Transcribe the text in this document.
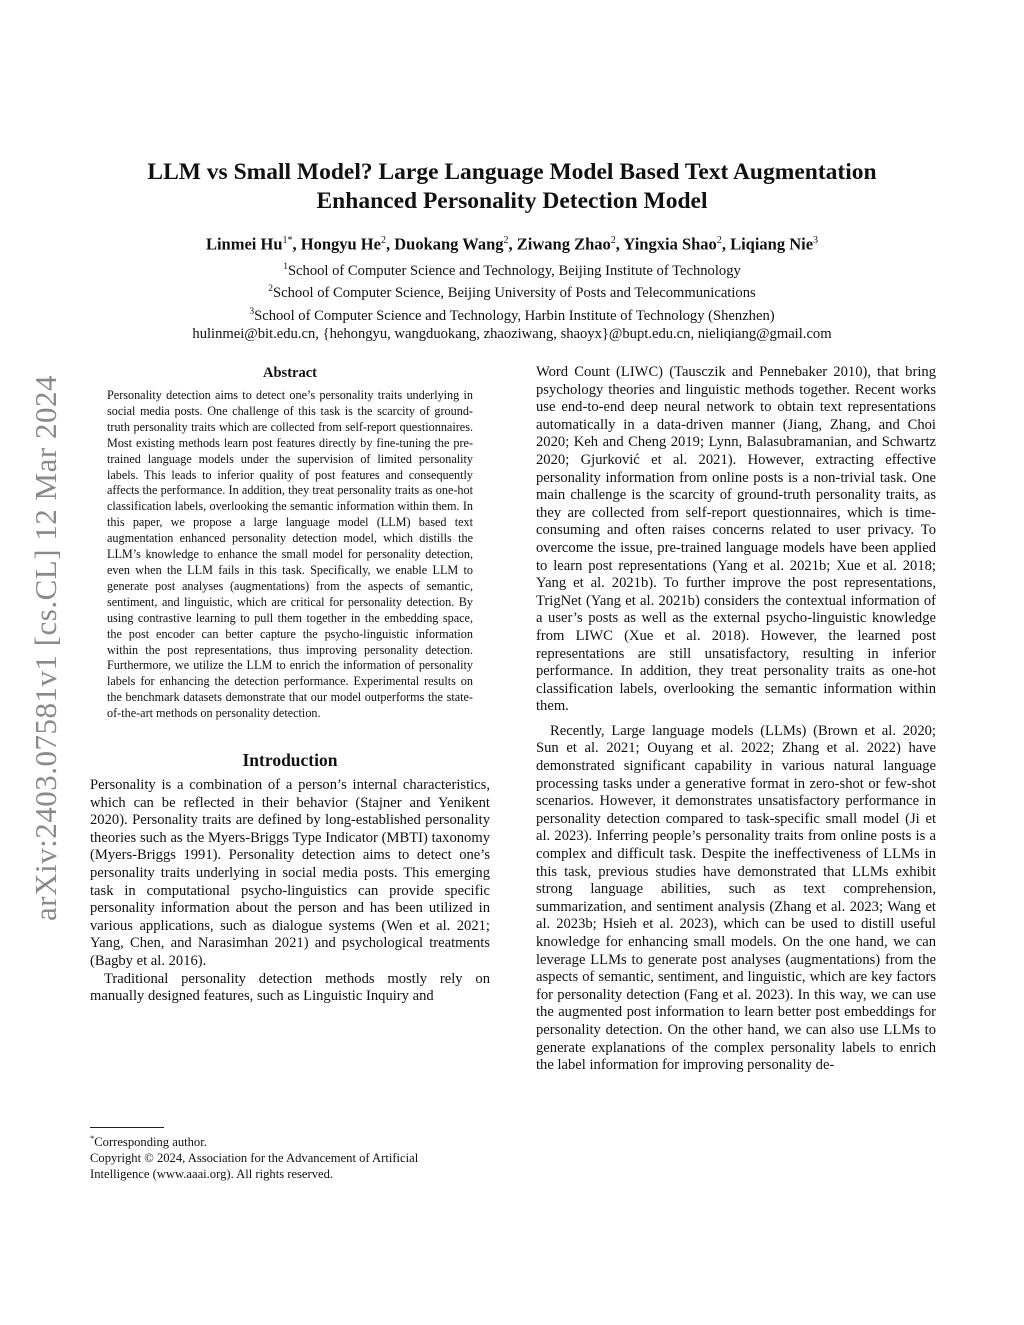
arXiv:2403.07581v1 [cs.CL] 12 Mar 2024
LLM vs Small Model? Large Language Model Based Text Augmentation
Enhanced Personality Detection Model
Linmei $Hu^{1*}$, Hongyu He$^2$, Duokang Wang$^2$, Ziwang Zhao$^2$, Yingxia Shao$^2$, Liqiang Nie$^3$
$^1$School of Computer Science and Technology, Beijing Institute of Technology
$^2$School of Computer Science, Beijing University of Posts and Telecommunications
$^3$School of Computer Science and Technology, Harbin Institute of Technology (Shenzhen)
hulinmei@bit.edu.cn, {hehongyu, wangduokang, zhaoziwang, shaoyx}@bupt.edu.cn, nieliqiang@gmail.com
Abstract

Personality detection aims to detect one’s personality traits underlying in social media posts. One challenge of this task is the scarcity of ground-truth personality traits which are collected from self-report questionnaires. Most existing methods learn post features directly by fine-tuning the pre-trained language models under the supervision of limited personality labels. This leads to inferior quality of post features and consequently affects the performance. In addition, they treat personality traits as one-hot classification labels, overlooking the semantic information within them. In this paper, we propose a large language model (LLM) based text augmentation enhanced personality detection model, which distills the LLM’s knowledge to enhance the small model for personality detection, even when the LLM fails in this task. Specifically, we enable LLM to generate post analyses (augmentations) from the aspects of semantic, sentiment, and linguistic, which are critical for personality detection. By using contrastive learning to pull them together in the embedding space, the post encoder can better capture the psycho-linguistic information within the post representations, thus improving personality detection. Furthermore, we utilize the LLM to enrich the information of personality labels for enhancing the detection performance. Experimental results on the benchmark datasets demonstrate that our model outperforms the state-of-the-art methods on personality detection.

Introduction

Personality is a combination of a person’s internal characteristics, which can be reflected in their behavior (Stajner and Yenikent 2020). Personality traits are defined by long-established personality theories such as the Myers-Briggs Type Indicator (MBTI) taxonomy (Myers-Briggs 1991). Personality detection aims to detect one’s personality traits underlying in social media posts. This emerging task in computational psycho-linguistics can provide specific personality information about the person and has been utilized in various applications, such as dialogue systems (Wen et al. 2021; Yang, Chen, and Narasimhan 2021) and psychological treatments (Bagby et al. 2016).

Traditional personality detection methods mostly rely on manually designed features, such as Linguistic Inquiry and

Word Count (LIWC) (Tausczik and Pennebaker 2010), that bring psychology theories and linguistic methods together. Recent works use end-to-end deep neural network to obtain text representations automatically in a data-driven manner (Jiang, Zhang, and Choi 2020; Keh and Cheng 2019; Lynn, Balasubramanian, and Schwartz 2020; Gjurković et al. 2021). However, extracting effective personality information from online posts is a non-trivial task. One main challenge is the scarcity of ground-truth personality traits, as they are collected from self-report questionnaires, which is time-consuming and often raises concerns related to user privacy. To overcome the issue, pre-trained language models have been applied to learn post representations (Yang et al. 2021b; Xue et al. 2018; Yang et al. 2021b). To further improve the post representations, TrigNet (Yang et al. 2021b) considers the contextual information of a user’s posts as well as the external psycho-linguistic knowledge from LIWC (Xue et al. 2018). However, the learned post representations are still unsatisfactory, resulting in inferior performance. In addition, they treat personality traits as one-hot classification labels, overlooking the semantic information within them.

Recently, Large language models (LLMs) (Brown et al. 2020; Sun et al. 2021; Ouyang et al. 2022; Zhang et al. 2022) have demonstrated significant capability in various natural language processing tasks under a generative format in zero-shot or few-shot scenarios. However, it demonstrates unsatisfactory performance in personality detection compared to task-specific small model (Ji et al. 2023). Inferring people’s personality traits from online posts is a complex and difficult task. Despite the ineffectiveness of LLMs in this task, previous studies have demonstrated that LLMs exhibit strong language abilities, such as text comprehension, summarization, and sentiment analysis (Zhang et al. 2023; Wang et al. 2023b; Hsieh et al. 2023), which can be used to distill useful knowledge for enhancing small models. On the one hand, we can leverage LLMs to generate post analyses (augmentations) from the aspects of semantic, sentiment, and linguistic, which are key factors for personality detection (Fang et al. 2023). In this way, we can use the augmented post information to learn better post embeddings for personality detection. On the other hand, we can also use LLMs to generate explanations of the complex personality labels to enrich the label information for improving personality de-

*Corresponding author.
Copyright © 2024, Association for the Advancement of Artificial
Intelligence (www.aaai.org). All rights reserved.
